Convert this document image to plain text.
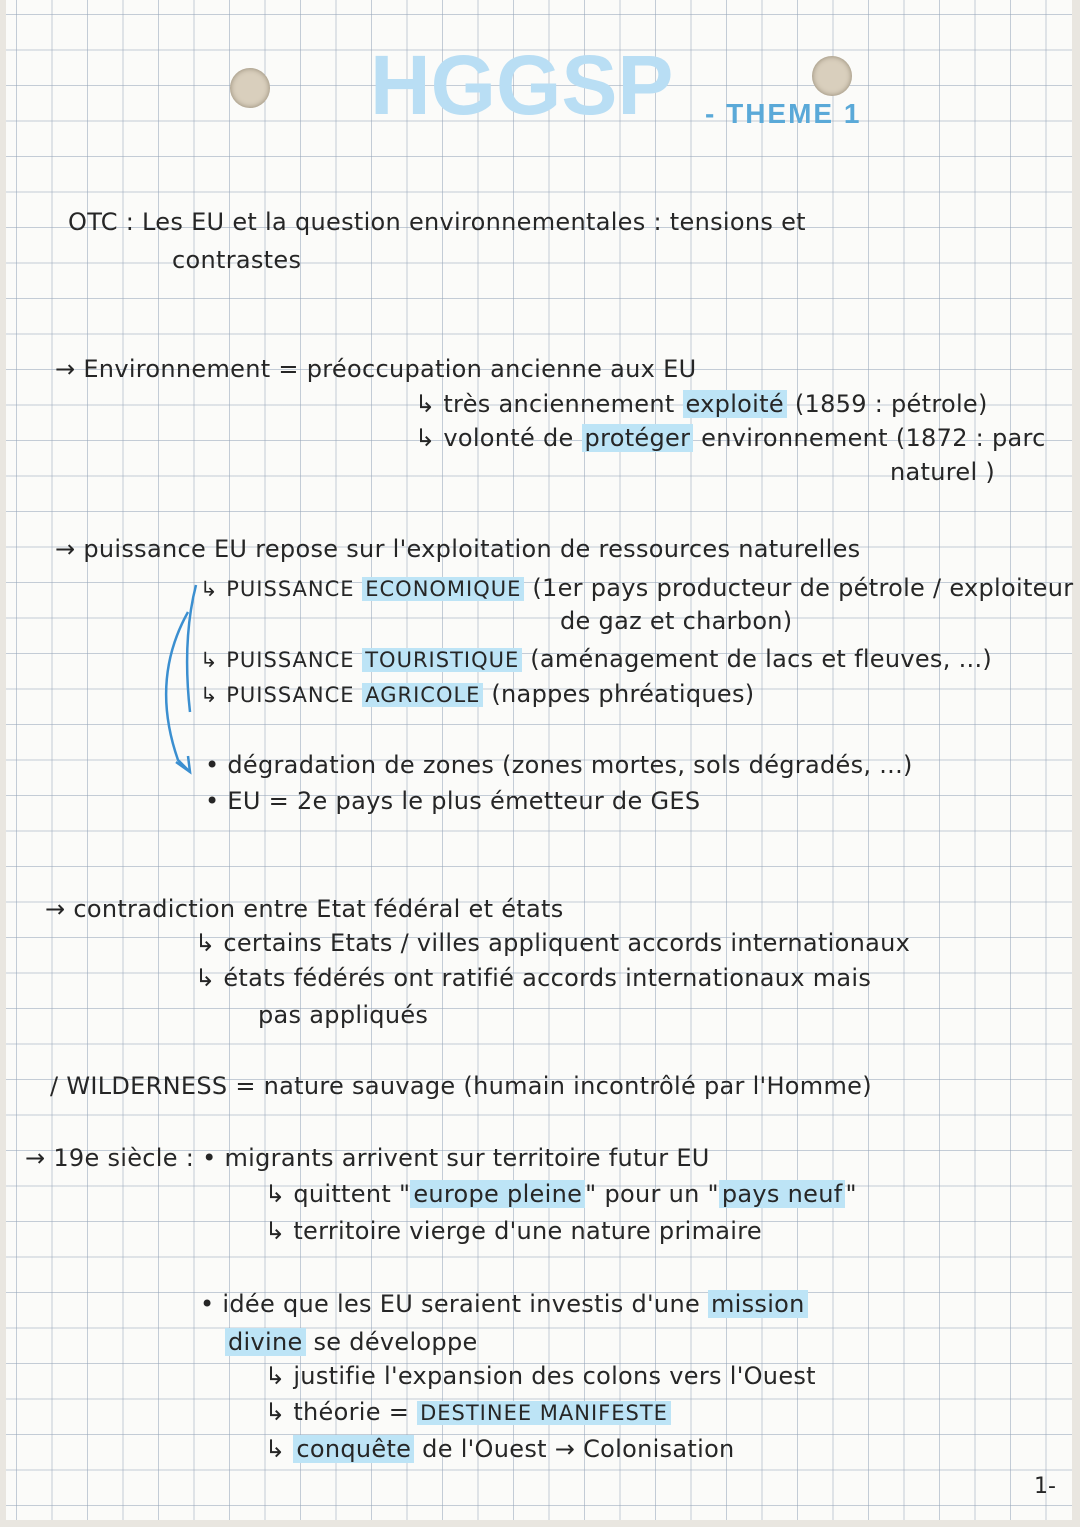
HGGSP - THEME 1
OTC : Les EU et la question environnementales : tensions et
contrastes
→ Environnement = préoccupation ancienne aux EU
↳ très anciennement exploité (1859 : pétrole)
↳ volonté de protéger environnement (1872 : parc
naturel )
→ puissance EU repose sur l'exploitation de ressources naturelles
↳ PUISSANCE ECONOMIQUE (1er pays producteur de pétrole / exploiteur
de gaz et charbon)
↳ PUISSANCE TOURISTIQUE (aménagement de lacs et fleuves, ...)
↳ PUISSANCE AGRICOLE (nappes phréatiques)
• dégradation de zones (zones mortes, sols dégradés, ...)
• EU = 2e pays le plus émetteur de GES
→ contradiction entre Etat fédéral et états
↳ certains Etats / villes appliquent accords internationaux
↳ états fédérés ont ratifié accords internationaux mais
pas appliqués
/ WILDERNESS = nature sauvage (humain incontrôlé par l'Homme)
→ 19e siècle : • migrants arrivent sur territoire futur EU
↳ quittent " europe pleine " pour un " pays neuf "
↳ territoire vierge d'une nature primaire
• idée que les EU seraient investis d'une mission
divine se développe
↳ justifie l'expansion des colons vers l'Ouest
↳ théorie = DESTINEE MANIFESTE
↳ conquête de l'Ouest → Colonisation
1-
